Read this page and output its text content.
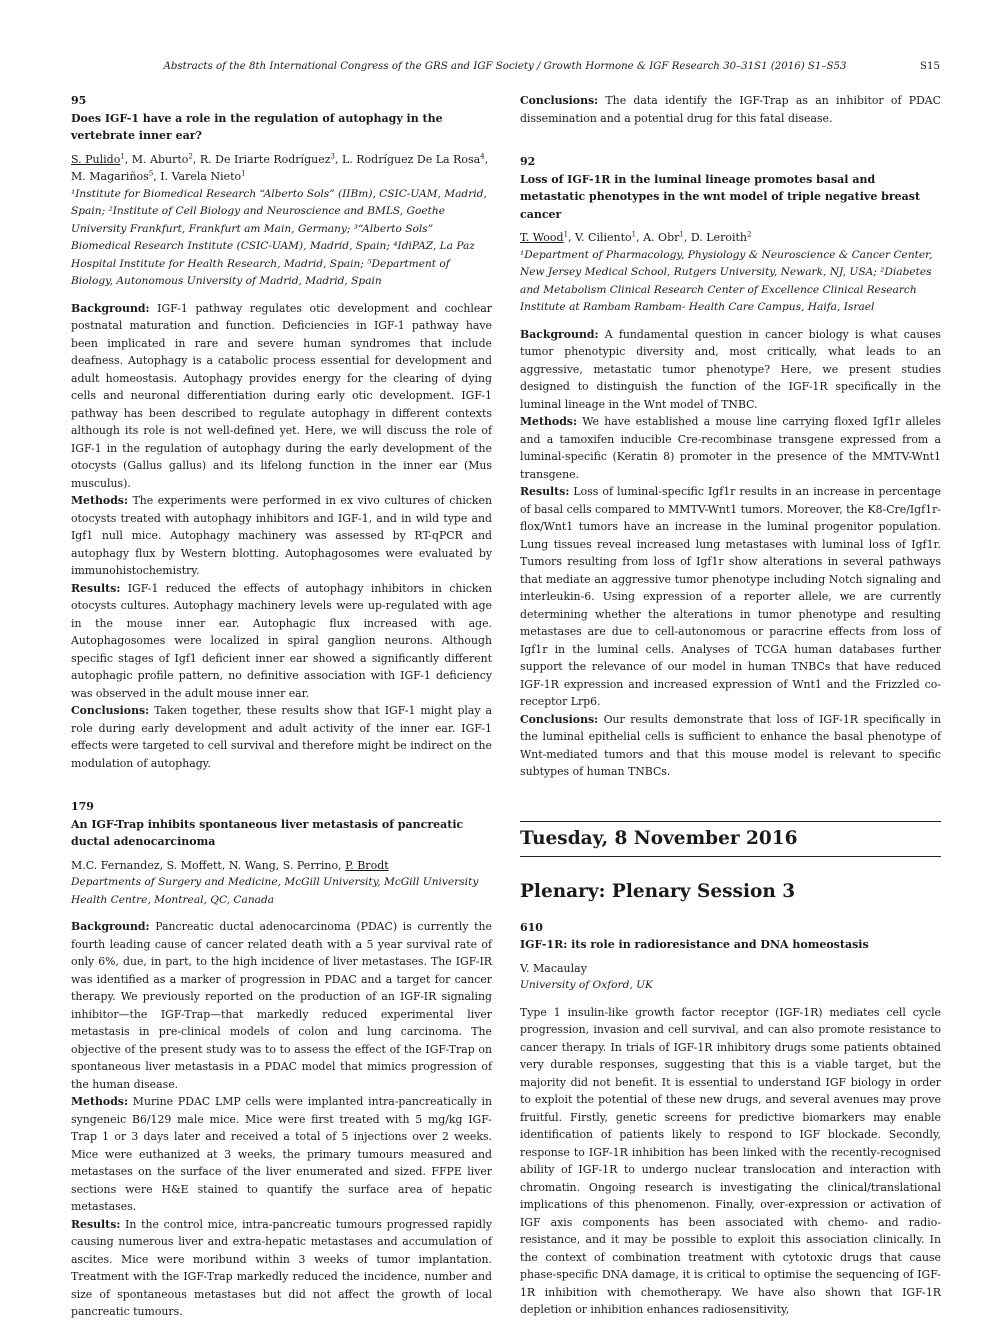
Abstracts of the 8th International Congress of the GRS and IGF Society / Growth Hormone & IGF Research 30–31S1 (2016) S1–S53	S15

95

Does IGF-1 have a role in the regulation of autophagy in the vertebrate inner ear?

S. Pulido$^1$, M. Aburto$^2$, R. De Iriarte Rodríguez$^3$, L. Rodríguez De La Rosa$^4$, M. Magariños$^5$, I. Varela Nieto$^1$

¹Institute for Biomedical Research “Alberto Sols” (IIBm), CSIC-UAM, Madrid, Spain; ²Institute of Cell Biology and Neuroscience and BMLS, Goethe University Frankfurt, Frankfurt am Main, Germany; ³“Alberto Sols” Biomedical Research Institute (CSIC-UAM), Madrid, Spain; ⁴IdiPAZ, La Paz Hospital Institute for Health Research, Madrid, Spain; ⁵Department of Biology, Autonomous University of Madrid, Madrid, Spain

Background: IGF-1 pathway regulates otic development and cochlear postnatal maturation and function. Deficiencies in IGF-1 pathway have been implicated in rare and severe human syndromes that include deafness. Autophagy is a catabolic process essential for development and adult homeostasis. Autophagy provides energy for the clearing of dying cells and neuronal differentiation during early otic development. IGF-1 pathway has been described to regulate autophagy in different contexts although its role is not well-defined yet. Here, we will discuss the role of IGF-1 in the regulation of autophagy during the early development of the otocysts (Gallus gallus) and its lifelong function in the inner ear (Mus musculus).

Methods: The experiments were performed in ex vivo cultures of chicken otocysts treated with autophagy inhibitors and IGF-1, and in wild type and Igf1 null mice. Autophagy machinery was assessed by RT-qPCR and autophagy flux by Western blotting. Autophagosomes were evaluated by immunohistochemistry.

Results: IGF-1 reduced the effects of autophagy inhibitors in chicken otocysts cultures. Autophagy machinery levels were up-regulated with age in the mouse inner ear. Autophagic flux increased with age. Autophagosomes were localized in spiral ganglion neurons. Although specific stages of Igf1 deficient inner ear showed a significantly different autophagic profile pattern, no definitive association with IGF-1 deficiency was observed in the adult mouse inner ear.

Conclusions: Taken together, these results show that IGF-1 might play a role during early development and adult activity of the inner ear. IGF-1 effects were targeted to cell survival and therefore might be indirect on the modulation of autophagy.

179

An IGF-Trap inhibits spontaneous liver metastasis of pancreatic ductal adenocarcinoma

M.C. Fernandez, S. Moffett, N. Wang, S. Perrino, P. Brodt

Departments of Surgery and Medicine, McGill University, McGill University Health Centre, Montreal, QC, Canada

Background: Pancreatic ductal adenocarcinoma (PDAC) is currently the fourth leading cause of cancer related death with a 5 year survival rate of only 6%, due, in part, to the high incidence of liver metastases. The IGF-IR was identified as a marker of progression in PDAC and a target for cancer therapy. We previously reported on the production of an IGF-IR signaling inhibitor—the IGF-Trap—that markedly reduced experimental liver metastasis in pre-clinical models of colon and lung carcinoma. The objective of the present study was to to assess the effect of the IGF-Trap on spontaneous liver metastasis in a PDAC model that mimics progression of the human disease.

Methods: Murine PDAC LMP cells were implanted intra-pancreatically in syngeneic B6/129 male mice. Mice were first treated with 5 mg/kg IGF-Trap 1 or 3 days later and received a total of 5 injections over 2 weeks. Mice were euthanized at 3 weeks, the primary tumours measured and metastases on the surface of the liver enumerated and sized. FFPE liver sections were H&E stained to quantify the surface area of hepatic metastases.

Results: In the control mice, intra-pancreatic tumours progressed rapidly causing numerous liver and extra-hepatic metastases and accumulation of ascites. Mice were moribund within 3 weeks of tumor implantation. Treatment with the IGF-Trap markedly reduced the incidence, number and size of spontaneous metastases but did not affect the growth of local pancreatic tumours.

Conclusions: The data identify the IGF-Trap as an inhibitor of PDAC dissemination and a potential drug for this fatal disease.

92

Loss of IGF-1R in the luminal lineage promotes basal and metastatic phenotypes in the wnt model of triple negative breast cancer

T. Wood$^1$, V. Ciliento$^1$, A. Obr$^1$, D. Leroith$^2$

¹Department of Pharmacology, Physiology & Neuroscience & Cancer Center, New Jersey Medical School, Rutgers University, Newark, NJ, USA; ²Diabetes and Metabolism Clinical Research Center of Excellence Clinical Research Institute at Rambam Rambam- Health Care Campus, Haifa, Israel

Background: A fundamental question in cancer biology is what causes tumor phenotypic diversity and, most critically, what leads to an aggressive, metastatic tumor phenotype? Here, we present studies designed to distinguish the function of the IGF-1R specifically in the luminal lineage in the Wnt model of TNBC.

Methods: We have established a mouse line carrying floxed Igf1r alleles and a tamoxifen inducible Cre-recombinase transgene expressed from a luminal-specific (Keratin 8) promoter in the presence of the MMTV-Wnt1 transgene.

Results: Loss of luminal-specific Igf1r results in an increase in percentage of basal cells compared to MMTV-Wnt1 tumors. Moreover, the K8-Cre/Igf1r-flox/Wnt1 tumors have an increase in the luminal progenitor population. Lung tissues reveal increased lung metastases with luminal loss of Igf1r. Tumors resulting from loss of Igf1r show alterations in several pathways that mediate an aggressive tumor phenotype including Notch signaling and interleukin-6. Using expression of a reporter allele, we are currently determining whether the alterations in tumor phenotype and resulting metastases are due to cell-autonomous or paracrine effects from loss of Igf1r in the luminal cells. Analyses of TCGA human databases further support the relevance of our model in human TNBCs that have reduced IGF-1R expression and increased expression of Wnt1 and the Frizzled co-receptor Lrp6.

Conclusions: Our results demonstrate that loss of IGF-1R specifically in the luminal epithelial cells is sufficient to enhance the basal phenotype of Wnt-mediated tumors and that this mouse model is relevant to specific subtypes of human TNBCs.

Tuesday, 8 November 2016
Plenary: Plenary Session 3

610

IGF-1R: its role in radioresistance and DNA homeostasis

V. Macaulay

University of Oxford, UK

Type 1 insulin-like growth factor receptor (IGF-1R) mediates cell cycle progression, invasion and cell survival, and can also promote resistance to cancer therapy. In trials of IGF-1R inhibitory drugs some patients obtained very durable responses, suggesting that this is a viable target, but the majority did not benefit. It is essential to understand IGF biology in order to exploit the potential of these new drugs, and several avenues may prove fruitful. Firstly, genetic screens for predictive biomarkers may enable identification of patients likely to respond to IGF blockade. Secondly, response to IGF-1R inhibition has been linked with the recently-recognised ability of IGF-1R to undergo nuclear translocation and interaction with chromatin. Ongoing research is investigating the clinical/translational implications of this phenomenon. Finally, over-expression or activation of IGF axis components has been associated with chemo- and radio- resistance, and it may be possible to exploit this association clinically. In the context of combination treatment with cytotoxic drugs that cause phase-specific DNA damage, it is critical to optimise the sequencing of IGF-1R inhibition with chemotherapy. We have also shown that IGF-1R depletion or inhibition enhances radiosensitivity,
